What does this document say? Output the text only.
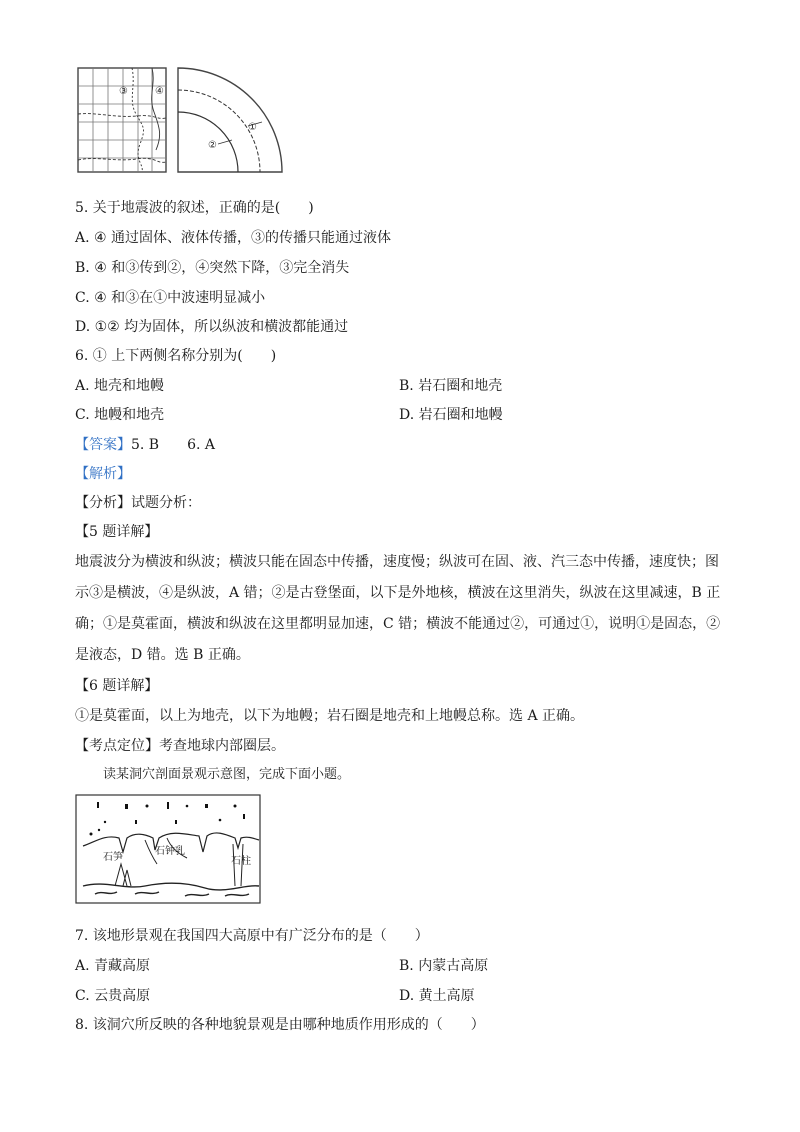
③	④
①
②
5. 关于地震波的叙述，正确的是(　　)
A. ④ 通过固体、液体传播，③的传播只能通过液体
B. ④ 和③传到②，④突然下降，③完全消失
C. ④ 和③在①中波速明显减小
D. ①② 均为固体，所以纵波和横波都能通过
6. ① 上下两侧名称分别为(　　)
A. 地壳和地幔	B. 岩石圈和地壳
C. 地幔和地壳	D. 岩石圈和地幔
【答案】5. B　　6. A
【解析】
【分析】试题分析：
【5 题详解】
地震波分为横波和纵波；横波只能在固态中传播，速度慢；纵波可在固、液、汽三态中传播，速度快；图
示③是横波，④是纵波，A 错；②是古登堡面，以下是外地核，横波在这里消失，纵波在这里减速，B 正
确；①是莫霍面，横波和纵波在这里都明显加速，C 错；横波不能通过②，可通过①，说明①是固态，②
是液态，D 错。选 B 正确。
【6 题详解】
①是莫霍面，以上为地壳，以下为地幔；岩石圈是地壳和上地幔总称。选 A 正确。
【考点定位】考查地球内部圈层。
读某洞穴剖面景观示意图，完成下面小题。
石笋
石钟乳
石柱
7. 该地形景观在我国四大高原中有广泛分布的是（　　）
A. 青藏高原	B. 内蒙古高原
C. 云贵高原	D. 黄土高原
8. 该洞穴所反映的各种地貌景观是由哪种地质作用形成的（　　）
